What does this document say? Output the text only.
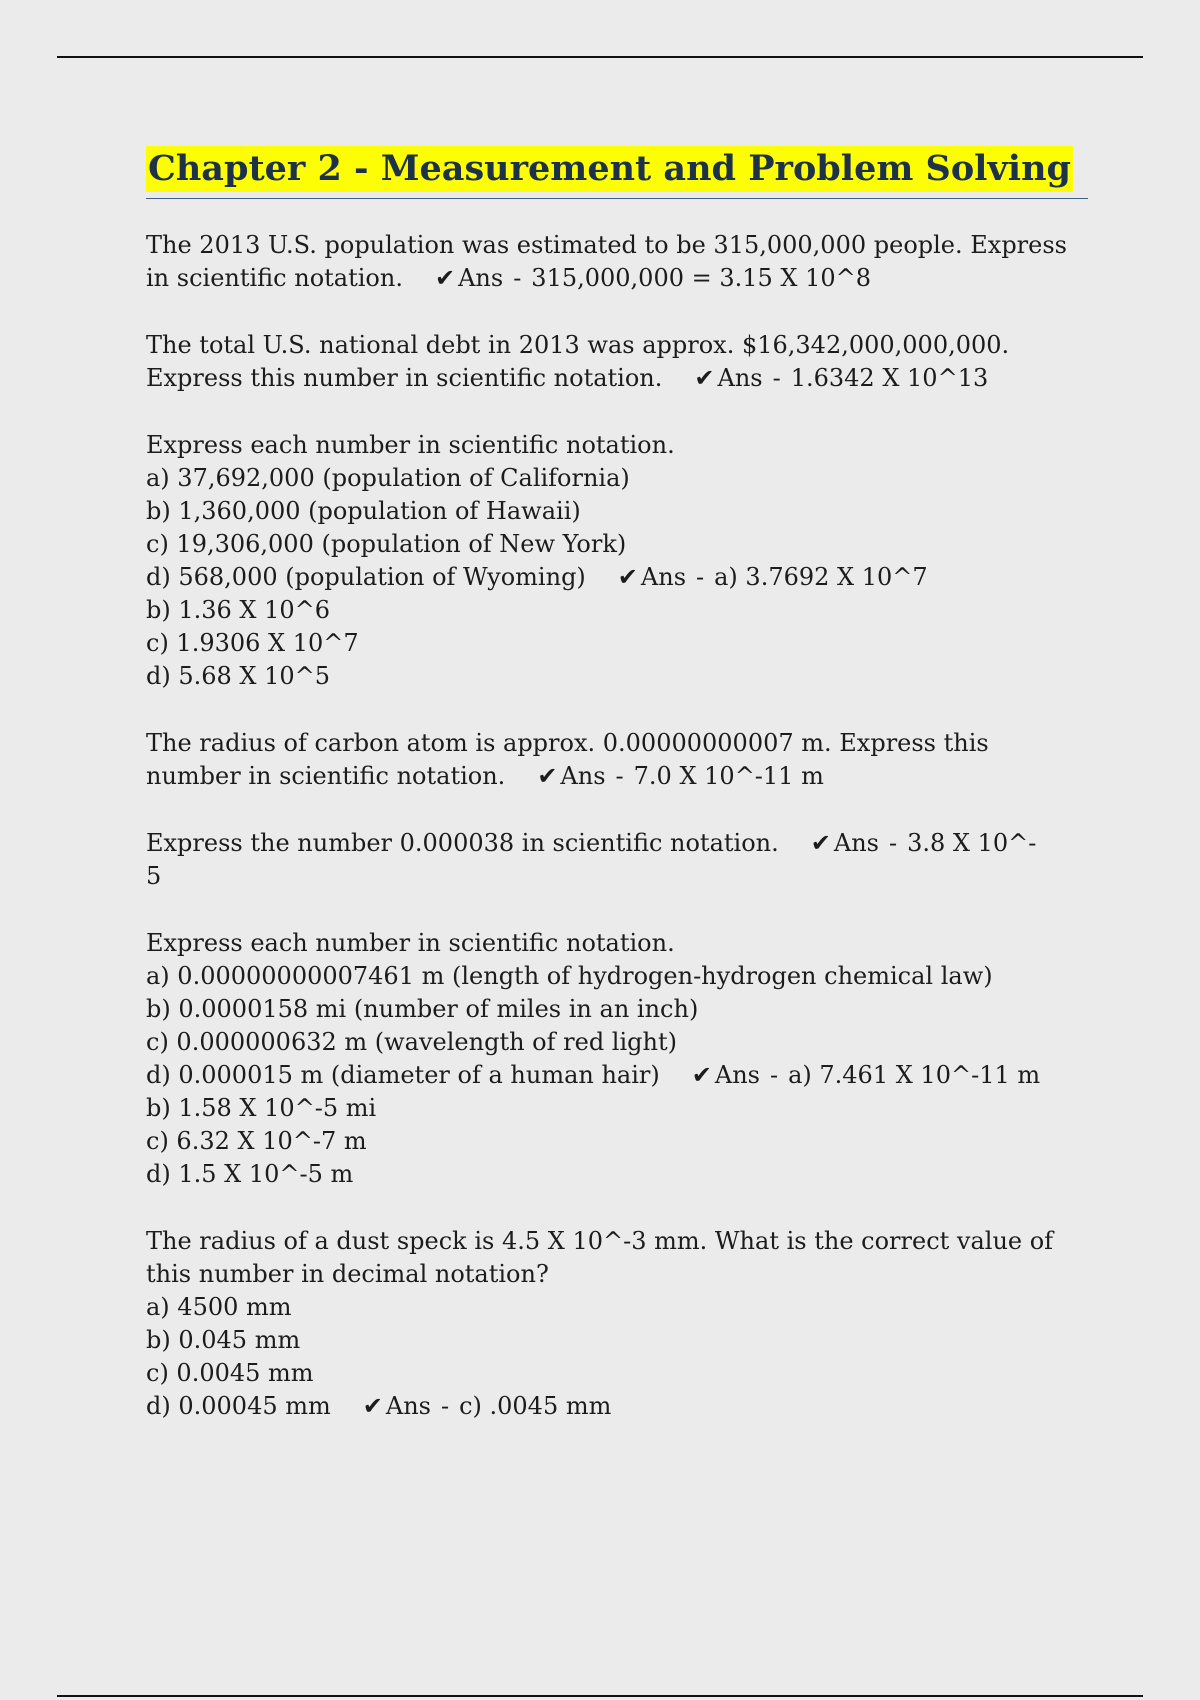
Chapter 2 - Measurement and Problem Solving
The 2013 U.S. population was estimated to be 315,000,000 people. Express
in scientific notation. ✔ Ans - 315,000,000 = 3.15 X 10^8
The total U.S. national debt in 2013 was approx. $16,342,000,000,000.
Express this number in scientific notation. ✔ Ans - 1.6342 X 10^13
Express each number in scientific notation.
a) 37,692,000 (population of California)
b) 1,360,000 (population of Hawaii)
c) 19,306,000 (population of New York)
d) 568,000 (population of Wyoming) ✔ Ans - a) 3.7692 X 10^7
b) 1.36 X 10^6
c) 1.9306 X 10^7
d) 5.68 X 10^5
The radius of carbon atom is approx. 0.00000000007 m. Express this
number in scientific notation. ✔ Ans - 7.0 X 10^-11 m
Express the number 0.000038 in scientific notation. ✔ Ans - 3.8 X 10^-
5
Express each number in scientific notation.
a) 0.00000000007461 m (length of hydrogen-hydrogen chemical law)
b) 0.0000158 mi (number of miles in an inch)
c) 0.000000632 m (wavelength of red light)
d) 0.000015 m (diameter of a human hair) ✔ Ans - a) 7.461 X 10^-11 m
b) 1.58 X 10^-5 mi
c) 6.32 X 10^-7 m
d) 1.5 X 10^-5 m
The radius of a dust speck is 4.5 X 10^-3 mm. What is the correct value of
this number in decimal notation?
a) 4500 mm
b) 0.045 mm
c) 0.0045 mm
d) 0.00045 mm ✔ Ans - c) .0045 mm
